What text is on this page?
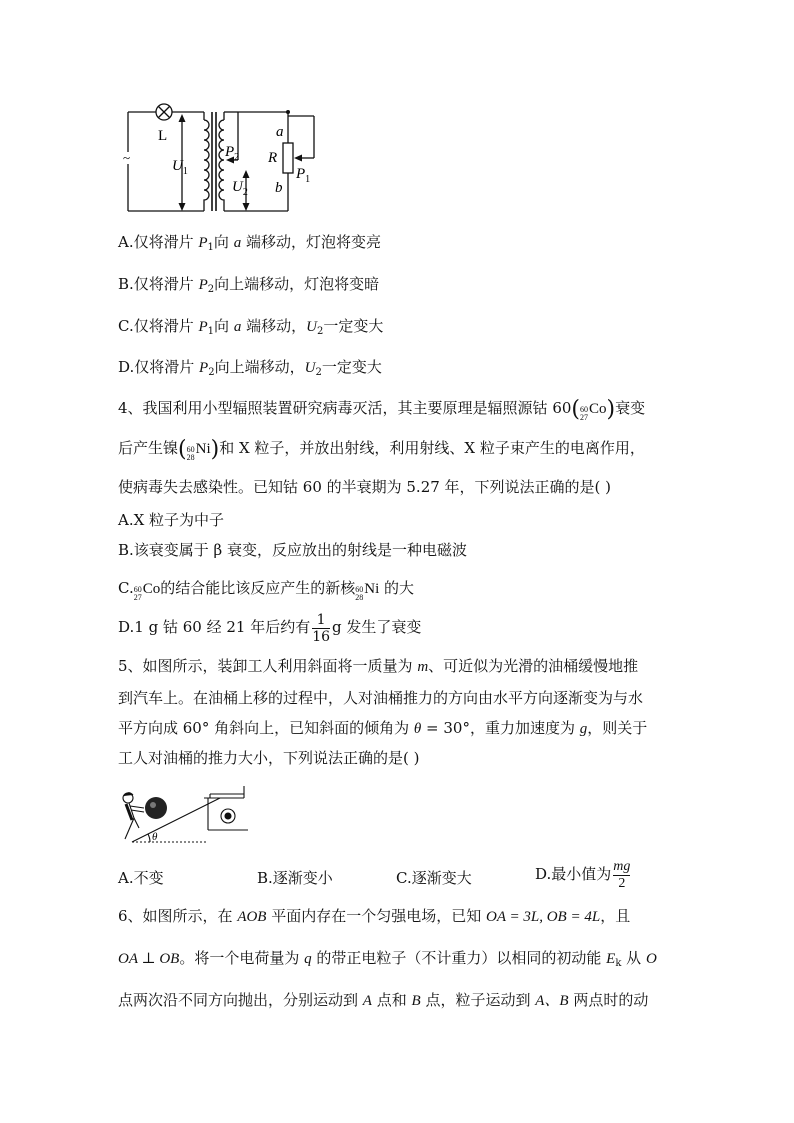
~
L
$U_1$
$P_2$
$U_2$
a
R
b
$P_1$
A.仅将滑片 $P_1$向 a 端移动，灯泡将变亮
B.仅将滑片 $P_2$向上端移动，灯泡将变暗
C.仅将滑片 $P_1$向 a 端移动，$U_2$一定变大
D.仅将滑片 $P_2$向上端移动，$U_2$一定变大
4、我国利用小型辐照装置研究病毒灭活，其主要原理是辐照源钴 60( 60
27
Co)衰变
后产生镍( 60
28
Ni)和 X 粒子，并放出射线，利用射线、X 粒子束产生的电离作用，
使病毒失去感染性。已知钴 60 的半衰期为 5.27 年，下列说法正确的是( )
A.X 粒子为中子
B.该衰变属于 β 衰变，反应放出的射线是一种电磁波
C. 60
27
Co的结合能比该反应产生的新核 60
28
Ni 的大
D.1 g 钴 60 经 21 年后约有 $\frac{1}{16}$ g 发生了衰变
5、如图所示，装卸工人利用斜面将一质量为 m、可近似为光滑的油桶缓慢地推
到汽车上。在油桶上移的过程中，人对油桶推力的方向由水平方向逐渐变为与水
平方向成 60° 角斜向上，已知斜面的倾角为 θ = 30°，重力加速度为 g，则关于
工人对油桶的推力大小，下列说法正确的是( )
θ
A.不变	B.逐渐变小	C.逐渐变大	D.最小值为 $\frac{mg}{2}$
6、如图所示，在 AOB 平面内存在一个匀强电场，已知 OA = 3L, OB = 4L，且
OA ⊥ OB。将一个电荷量为 q 的带正电粒子（不计重力）以相同的初动能 $E_k$ 从 O
点两次沿不同方向抛出，分别运动到 A 点和 B 点，粒子运动到 A、B 两点时的动
